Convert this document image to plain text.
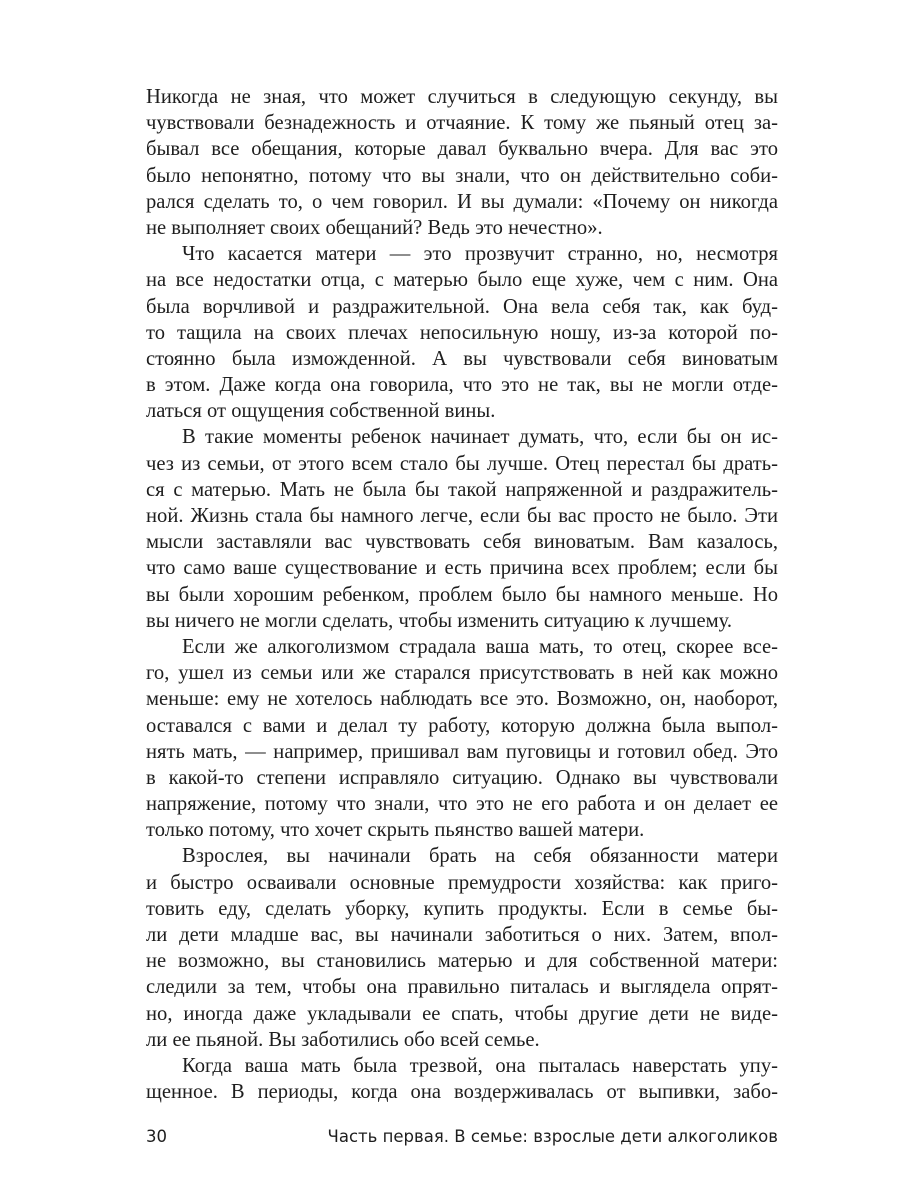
Никогда не зная, что может случиться в следующую секунду, вы
чувствовали безнадежность и отчаяние. К тому же пьяный отец за-
бывал все обещания, которые давал буквально вчера. Для вас это
было непонятно, потому что вы знали, что он действительно соби-
рался сделать то, о чем говорил. И вы думали: «Почему он никогда
не выполняет своих обещаний? Ведь это нечестно».
Что касается матери — это прозвучит странно, но, несмотря
на все недостатки отца, с матерью было еще хуже, чем с ним. Она
была ворчливой и раздражительной. Она вела себя так, как буд-
то тащила на своих плечах непосильную ношу, из-за которой по-
стоянно была изможденной. А вы чувствовали себя виноватым
в этом. Даже когда она говорила, что это не так, вы не могли отде-
латься от ощущения собственной вины.
В такие моменты ребенок начинает думать, что, если бы он ис-
чез из семьи, от этого всем стало бы лучше. Отец перестал бы драть-
ся с матерью. Мать не была бы такой напряженной и раздражитель-
ной. Жизнь стала бы намного легче, если бы вас просто не было. Эти
мысли заставляли вас чувствовать себя виноватым. Вам казалось,
что само ваше существование и есть причина всех проблем; если бы
вы были хорошим ребенком, проблем было бы намного меньше. Но
вы ничего не могли сделать, чтобы изменить ситуацию к лучшему.
Если же алкоголизмом страдала ваша мать, то отец, скорее все-
го, ушел из семьи или же старался присутствовать в ней как можно
меньше: ему не хотелось наблюдать все это. Возможно, он, наоборот,
оставался с вами и делал ту работу, которую должна была выпол-
нять мать, — например, пришивал вам пуговицы и готовил обед. Это
в какой-то степени исправляло ситуацию. Однако вы чувствовали
напряжение, потому что знали, что это не его работа и он делает ее
только потому, что хочет скрыть пьянство вашей матери.
Взрослея, вы начинали брать на себя обязанности матери
и быстро осваивали основные премудрости хозяйства: как приго-
товить еду, сделать уборку, купить продукты. Если в семье бы-
ли дети младше вас, вы начинали заботиться о них. Затем, впол-
не возможно, вы становились матерью и для собственной матери:
следили за тем, чтобы она правильно питалась и выглядела опрят-
но, иногда даже укладывали ее спать, чтобы другие дети не виде-
ли ее пьяной. Вы заботились обо всей семье.
Когда ваша мать была трезвой, она пыталась наверстать упу-
щенное. В периоды, когда она воздерживалась от выпивки, забо-
30	Часть первая. В семье: взрослые дети алкоголиков
